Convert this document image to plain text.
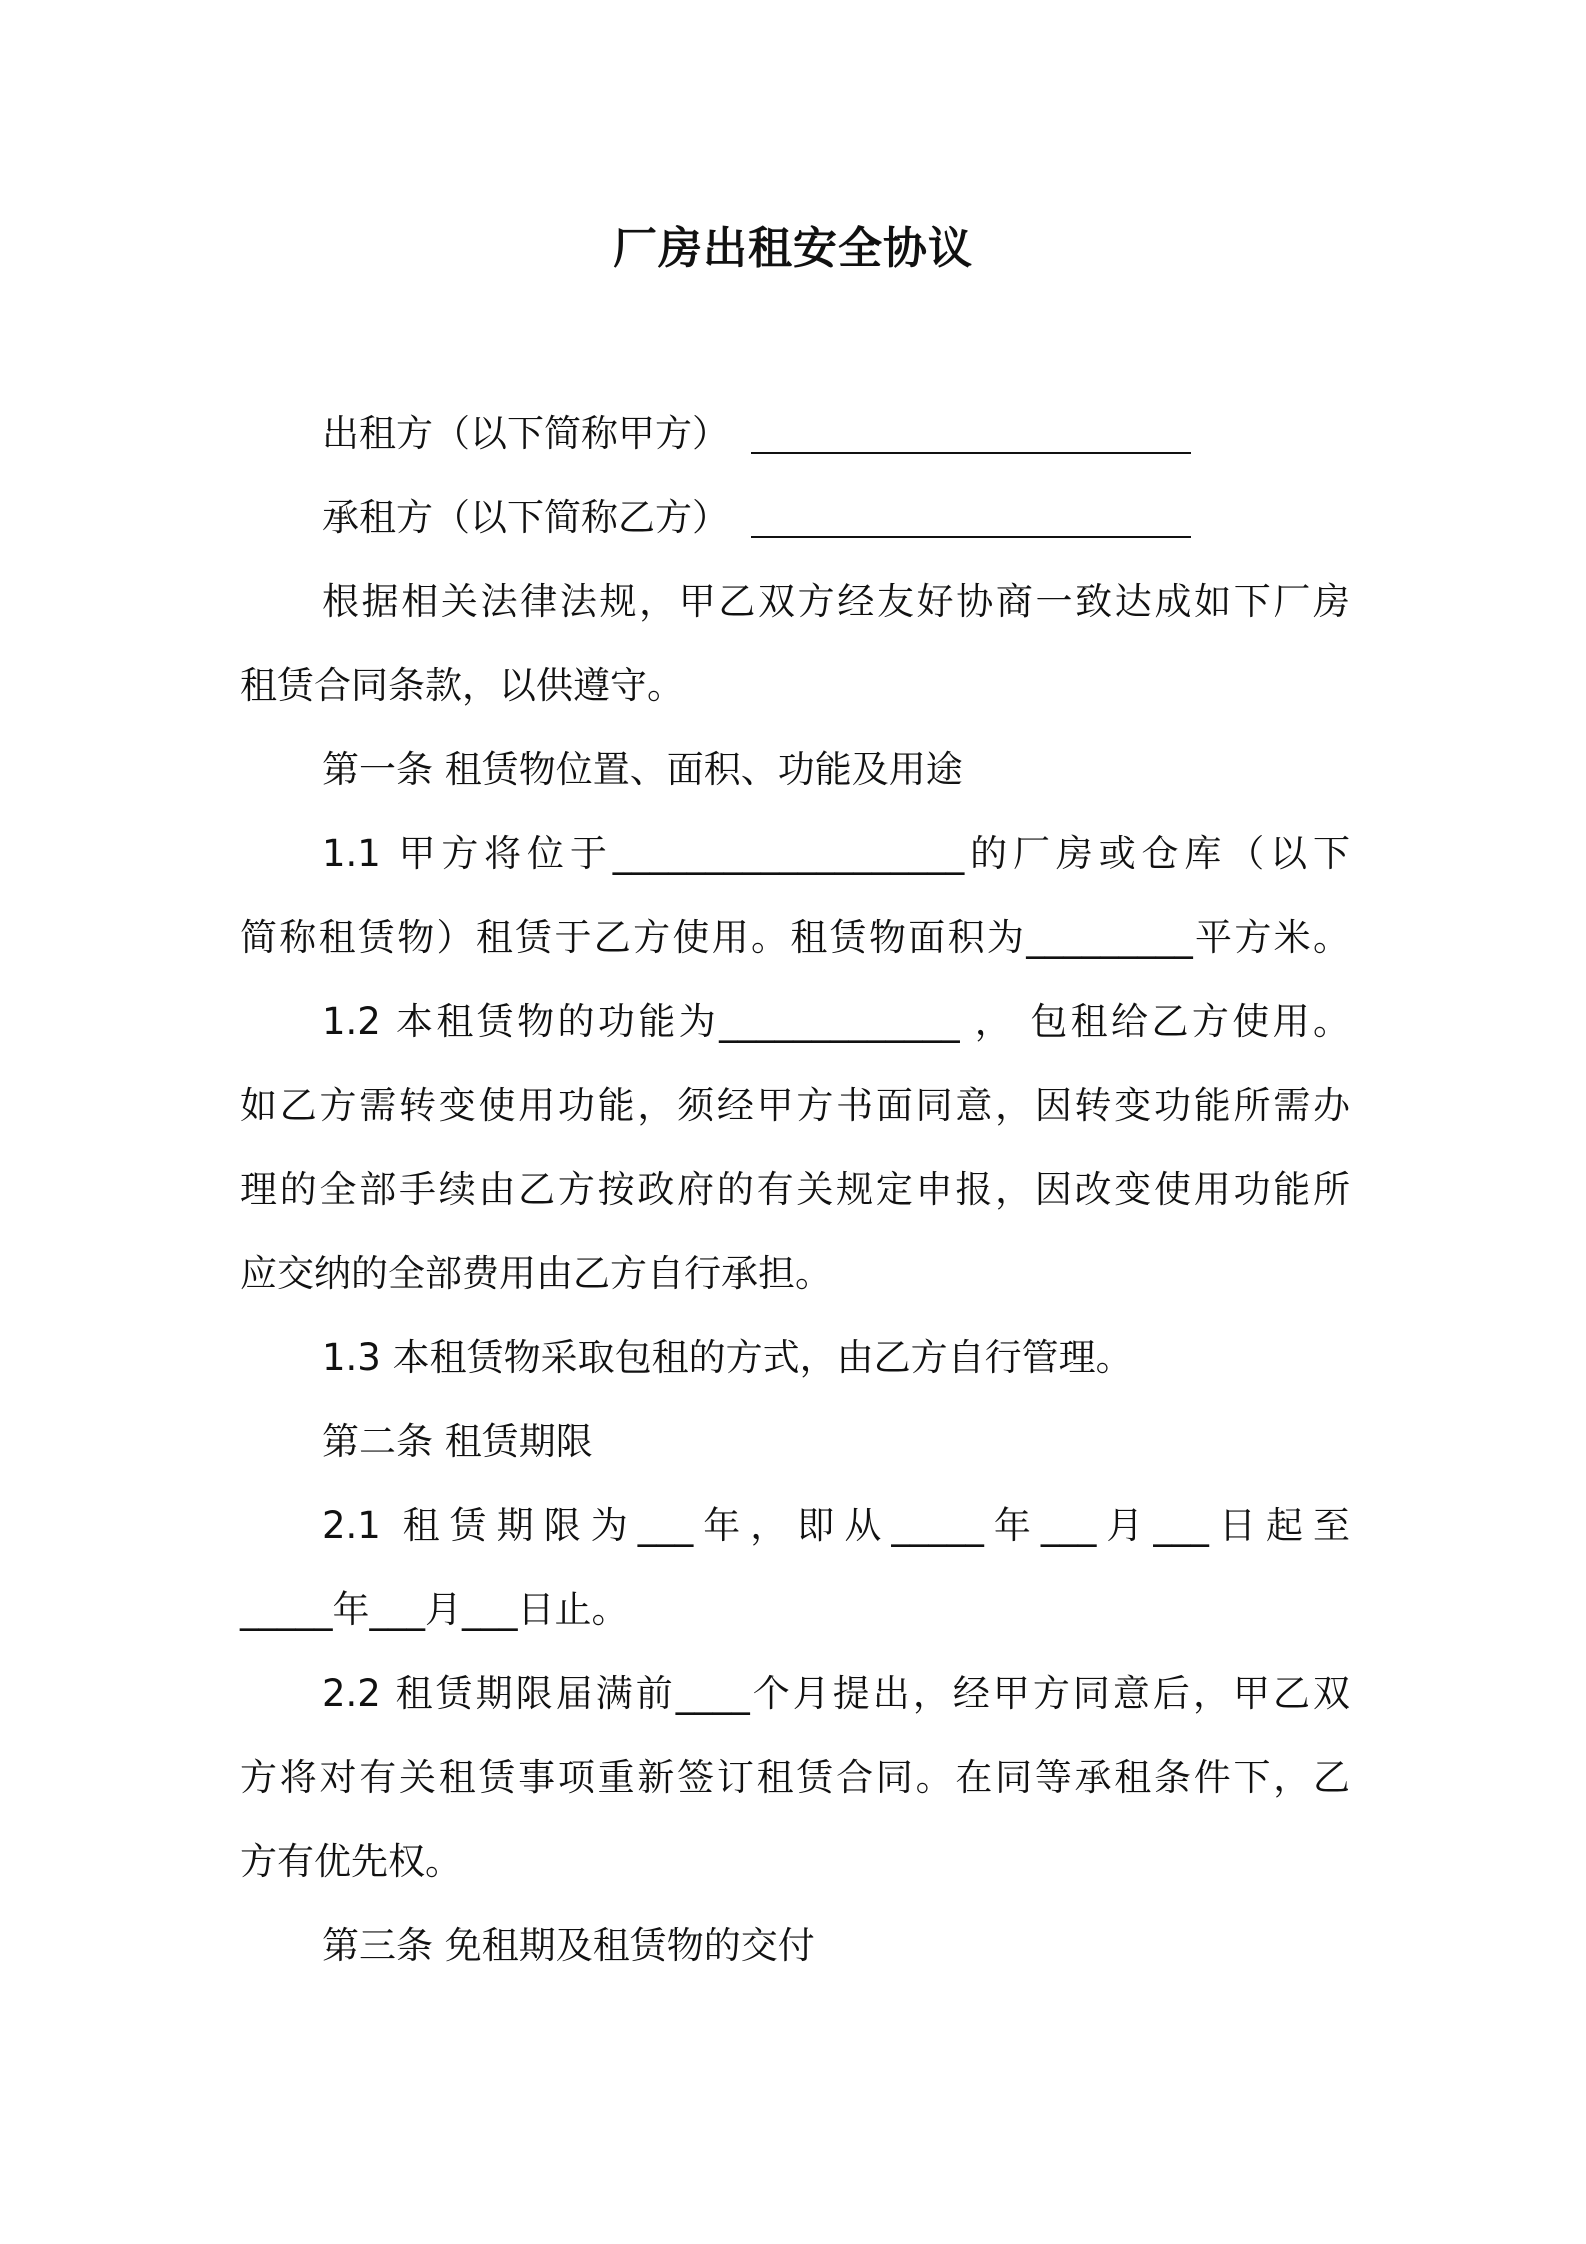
厂房出租安全协议

出租方（以下简称甲方）

承租方（以下简称乙方）

根据相关法律法规，甲乙双方经友好协商一致达成如下厂房

租赁合同条款，以供遵守。

第一条 租赁物位置、面积、功能及用途

1.1 甲方将位于___________________的厂房或仓库（以下

简称租赁物）租赁于乙方使用。租赁物面积为_________平方米。

1.2 本租赁物的功能为_____________ ， 包租给乙方使用。

如乙方需转变使用功能，须经甲方书面同意，因转变功能所需办

理的全部手续由乙方按政府的有关规定申报，因改变使用功能所

应交纳的全部费用由乙方自行承担。

1.3 本租赁物采取包租的方式，由乙方自行管理。

第二条 租赁期限

2.1 租赁期限为___年，即从_____年___月___日起至

_____年___月___日止。

2.2 租赁期限届满前____个月提出，经甲方同意后，甲乙双

方将对有关租赁事项重新签订租赁合同。在同等承租条件下，乙

方有优先权。

第三条 免租期及租赁物的交付
